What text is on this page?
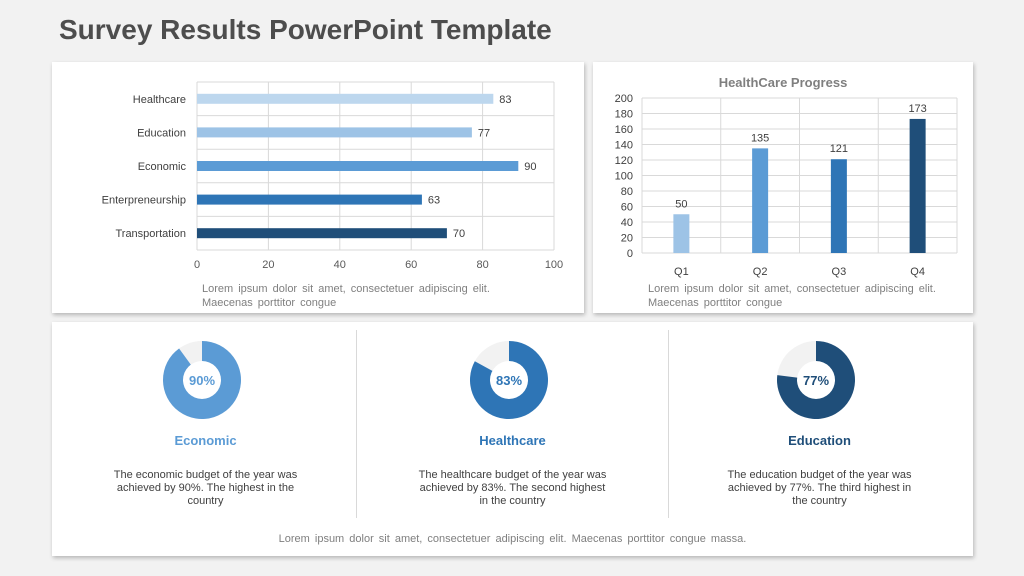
Survey Results PowerPoint Template
0	20	40	60	80	100
Healthcare	83
Education	77
Economic	90
Enterpreneurship	63
Transportation	70
Lorem ipsum dolor sit amet, consectetuer adipiscing elit. Maecenas porttitor congue
HealthCare Progress
0
20
40
60
80
100
120
140
160
180
200
50
Q1
135
Q2
121
Q3
173
Q4
Lorem ipsum dolor sit amet, consectetuer adipiscing elit. Maecenas porttitor congue
90%
Economic
The economic budget of the year was achieved by 90%. The highest in the country
83%
Healthcare
The healthcare budget of the year was achieved by 83%. The second highest in the country
77%
Education
The education budget of the year was achieved by 77%. The third highest in the country
Lorem ipsum dolor sit amet, consectetuer adipiscing elit. Maecenas porttitor congue massa.
